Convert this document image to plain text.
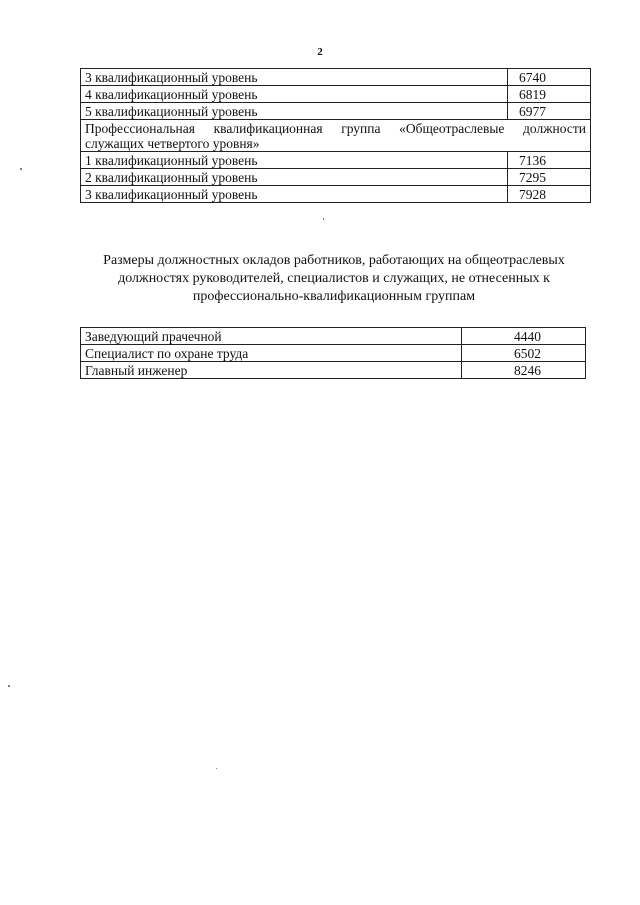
2
3 квалификационный уровень	6740
4 квалификационный уровень	6819
5 квалификационный уровень	6977
Профессиональная квалификационная группа «Общеотраслевые должности служащих четвертого уровня»	
1 квалификационный уровень	7136
2 квалификационный уровень	7295
3 квалификационный уровень	7928
Размеры должностных окладов работников, работающих на общеотраслевых
должностях руководителей, специалистов и служащих, не отнесенных к
профессионально-квалификационным группам
Заведующий прачечной	4440
Специалист по охране труда	6502
Главный инженер	8246
